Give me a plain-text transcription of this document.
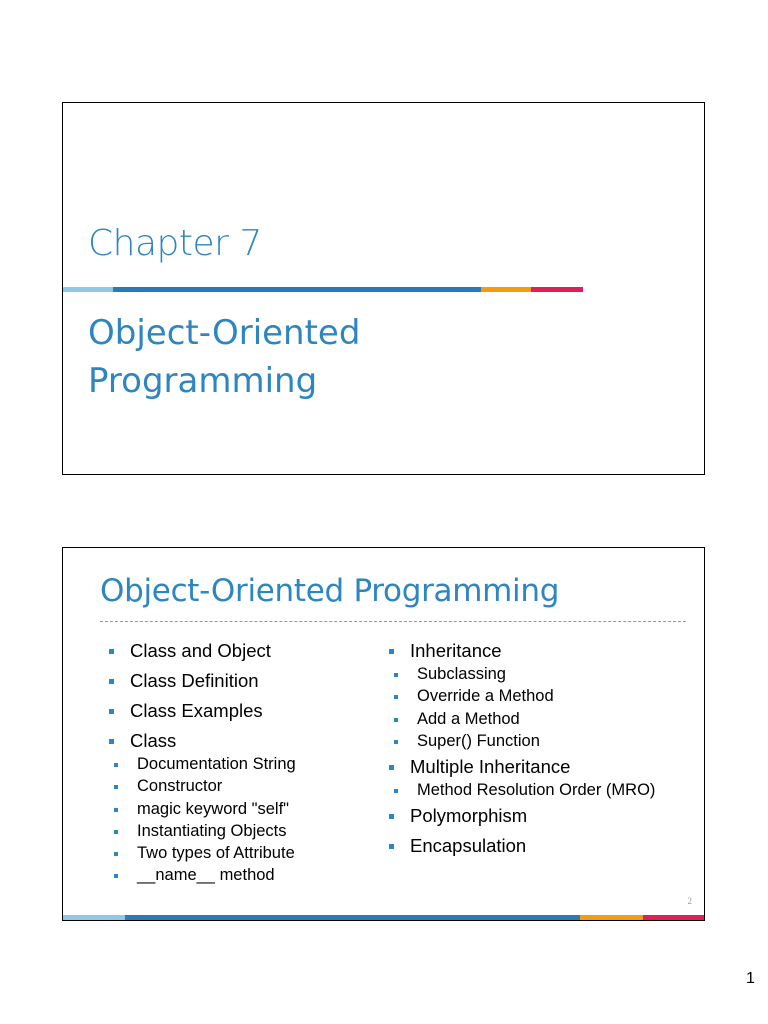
Chapter 7
Object-Oriented
Programming
Object-Oriented Programming
Class and Object
Class Definition
Class Examples
Class
Documentation String
Constructor
magic keyword "self"
Instantiating Objects
Two types of Attribute
__name__ method
Inheritance
Subclassing
Override a Method
Add a Method
Super() Function
Multiple Inheritance
Method Resolution Order (MRO)
Polymorphism
Encapsulation
2
1
